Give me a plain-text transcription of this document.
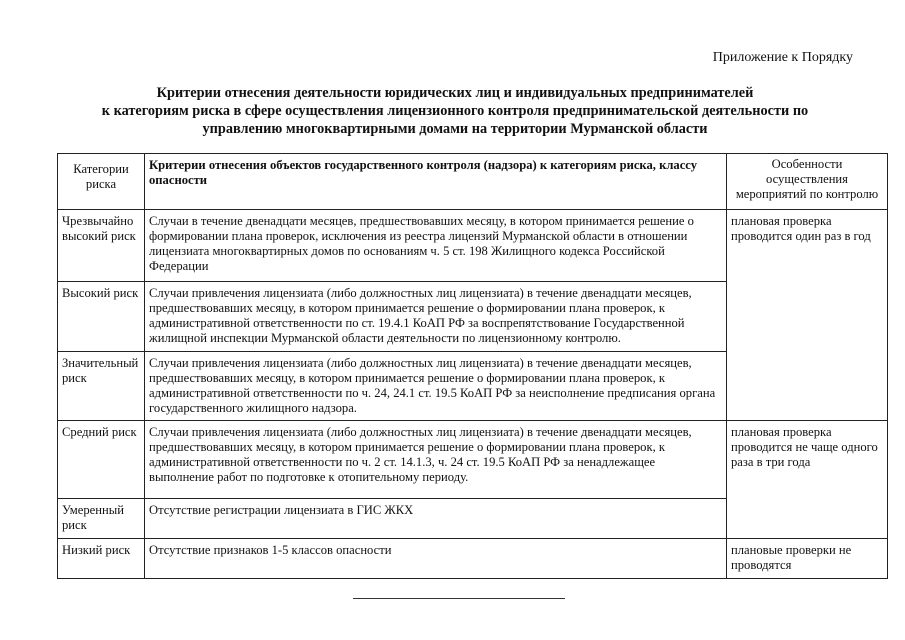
Приложение к Порядку
Критерии отнесения деятельности юридических лиц и индивидуальных предпринимателей
к категориям риска в сфере осуществления лицензионного контроля предпринимательской деятельности по
управлению многоквартирными домами на территории Мурманской области
Категории риска	Критерии отнесения объектов государственного контроля (надзора) к категориям риска, классу опасности	Особенности осуществления мероприятий по контролю
Чрезвычайно высокий риск	Случаи в течение двенадцати месяцев, предшествовавших месяцу, в котором принимается решение о формировании плана проверок, исключения из реестра лицензий Мурманской области в отношении лицензиата многоквартирных домов по основаниям ч. 5 ст. 198 Жилищного кодекса Российской Федерации	плановая проверка проводится один раз в год
Высокий риск	Случаи привлечения лицензиата (либо должностных лиц лицензиата) в течение двенадцати месяцев, предшествовавших месяцу, в котором принимается решение о формировании плана проверок, к административной ответственности по ст. 19.4.1 КоАП РФ за воспрепятствование Государственной жилищной инспекции Мурманской области деятельности по лицензионному контролю.	
Значительный риск	Случаи привлечения лицензиата (либо должностных лиц лицензиата) в течение двенадцати месяцев, предшествовавших месяцу, в котором принимается решение о формировании плана проверок, к административной ответственности по ч. 24, 24.1 ст. 19.5 КоАП РФ за неисполнение предписания органа государственного жилищного надзора.	
Средний риск	Случаи привлечения лицензиата (либо должностных лиц лицензиата) в течение двенадцати месяцев, предшествовавших месяцу, в котором принимается решение о формировании плана проверок, к административной ответственности по ч. 2 ст. 14.1.3, ч. 24 ст. 19.5 КоАП РФ за ненадлежащее выполнение работ по подготовке к отопительному периоду.	плановая проверка проводится не чаще одного раза в три года
Умеренный риск	Отсутствие регистрации лицензиата в ГИС ЖКХ	
Низкий риск	Отсутствие признаков 1-5 классов опасности	плановые проверки не проводятся
